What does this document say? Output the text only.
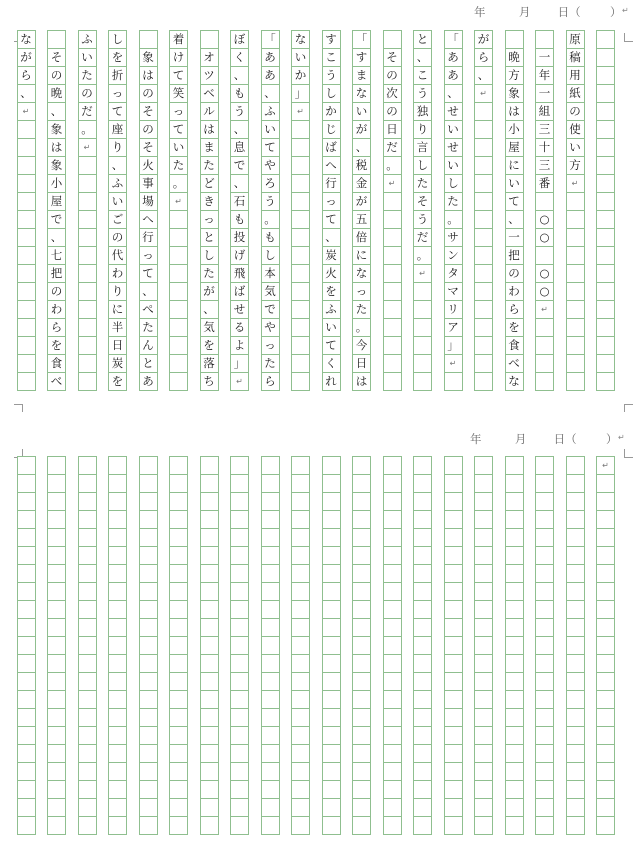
年	月 日（	） ↵
原
稿
用
紙
の
使
い
方
↵
一
年
一
組
三
十
三
番
○
○
○
○
↵
晩
方
象
は
小
屋
に
い
て
、
一
把
の
わ
ら
を
食
べ
な
が
ら
、
↵
「
あ
あ
、
せ
い
せ
い
し
た
。
サ
ン
タ
マ
リ
ア
」
↵
と
、
こ
う
独
り
言
し
た
そ
う
だ
。
↵
そ
の
次
の
日
だ
。
↵
「
す
ま
な
い
が
、
税
金
が
五
倍
に
な
っ
た
。
今
日
は
す
こ
う
し
か
じ
ば
へ
行
っ
て
、
炭
火
を
ふ
い
て
く
れ
な
い
か
」
↵
「
あ
あ
、
ふ
い
て
や
ろ
う
。
も
し
本
気
で
や
っ
た
ら
ぼ
く
、
も
う
、
息
で
、
石
も
投
げ
飛
ば
せ
る
よ
」
↵
オ
ツ
ベ
ル
は
ま
た
ど
き
っ
と
し
た
が
、
気
を
落
ち
着
け
て
笑
っ
て
い
た
。
↵
象
は
の
そ
の
そ
火
事
場
へ
行
っ
て
、
ぺ
た
ん
と
あ
し
を
折
っ
て
座
り
、
ふ
い
ご
の
代
わ
り
に
半
日
炭
を
ふ
い
た
の
だ
。
↵
そ
の
晩
、
象
は
象
小
屋
で
、
七
把
の
わ
ら
を
食
べ
な
が
ら
、
↵
年	月 日（	） ↵
↵
